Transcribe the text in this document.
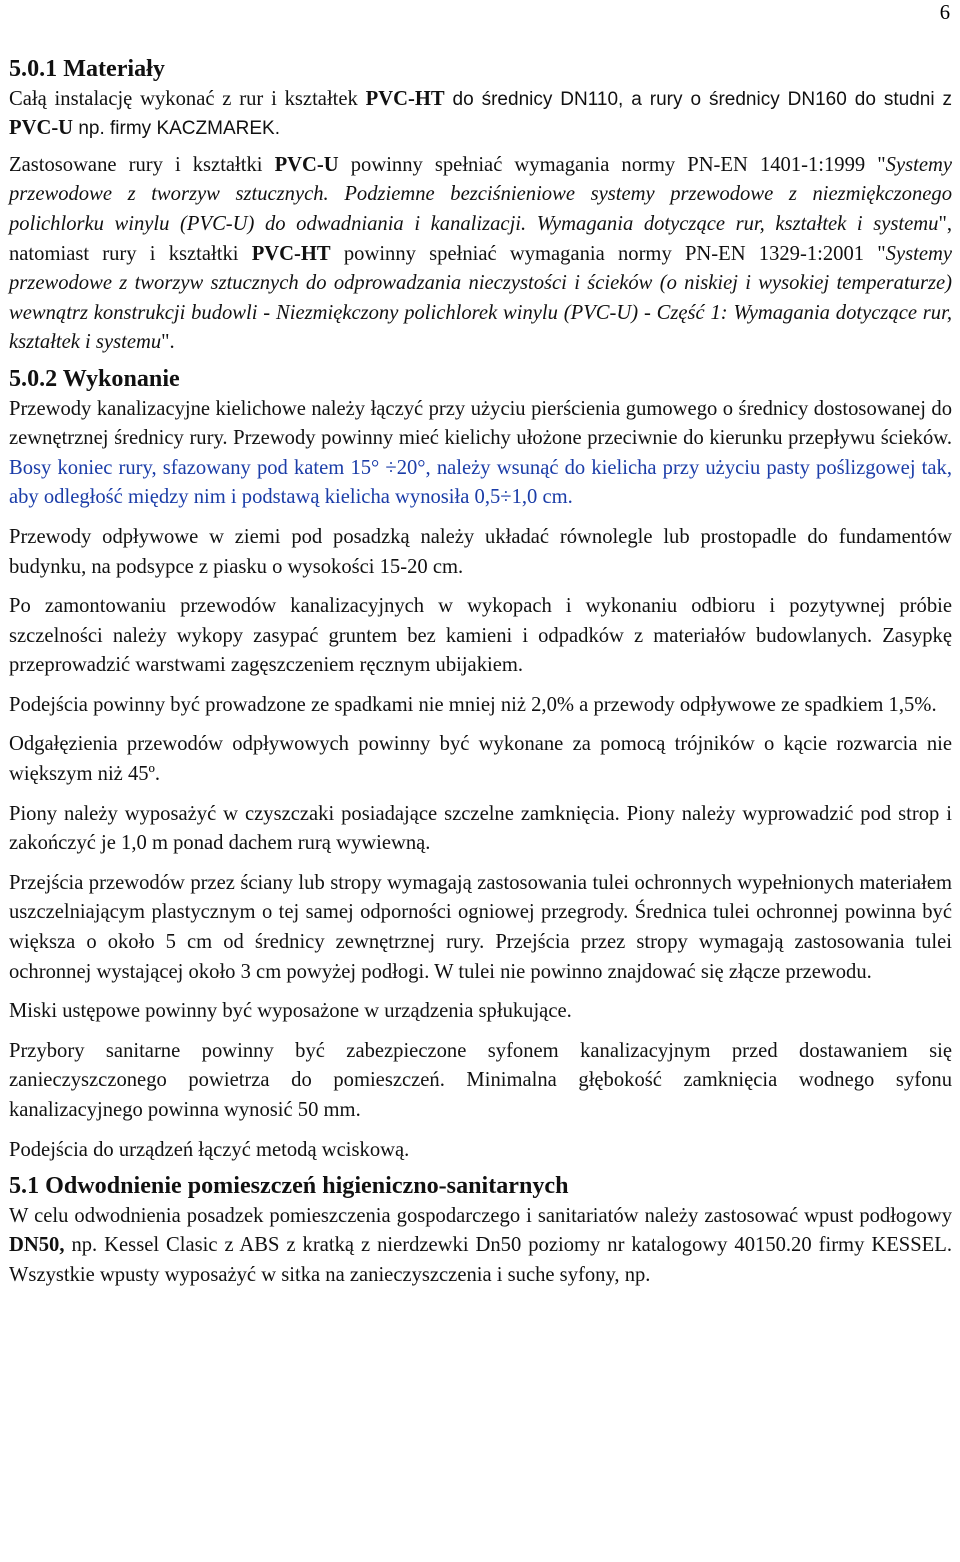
6
5.0.1 Materiały

Całą instalację wykonać z rur i kształtek PVC-HT do średnicy DN110, a rury o średnicy DN160 do studni z PVC-U np. firmy KACZMAREK.

Zastosowane rury i kształtki PVC-U powinny spełniać wymagania normy PN-EN 1401-1:1999 "Systemy przewodowe z tworzyw sztucznych. Podziemne bezciśnieniowe systemy przewodowe z niezmiękczonego polichlorku winylu (PVC-U) do odwadniania i kanalizacji. Wymagania dotyczące rur, kształtek i systemu", natomiast rury i kształtki PVC-HT powinny spełniać wymagania normy PN-EN 1329-1:2001 "Systemy przewodowe z tworzyw sztucznych do odprowadzania nieczystości i ścieków (o niskiej i wysokiej temperaturze) wewnątrz konstrukcji budowli - Niezmiękczony polichlorek winylu (PVC-U) - Część 1: Wymagania dotyczące rur, kształtek i systemu".

5.0.2 Wykonanie

Przewody kanalizacyjne kielichowe należy łączyć przy użyciu pierścienia gumowego o średnicy dostosowanej do zewnętrznej średnicy rury. Przewody powinny mieć kielichy ułożone przeciwnie do kierunku przepływu ścieków. Bosy koniec rury, sfazowany pod katem 15° ÷20°, należy wsunąć do kielicha przy użyciu pasty poślizgowej tak, aby odległość między nim i podstawą kielicha wynosiła 0,5÷1,0 cm.

Przewody odpływowe w ziemi pod posadzką należy układać równolegle lub prostopadle do fundamentów budynku, na podsypce z piasku o wysokości 15-20 cm.

Po zamontowaniu przewodów kanalizacyjnych w wykopach i wykonaniu odbioru i pozytywnej próbie szczelności należy wykopy zasypać gruntem bez kamieni i odpadków z materiałów budowlanych. Zasypkę przeprowadzić warstwami zagęszczeniem ręcznym ubijakiem.

Podejścia powinny być prowadzone ze spadkami nie mniej niż 2,0% a przewody odpływowe ze spadkiem 1,5%.

Odgałęzienia przewodów odpływowych powinny być wykonane za pomocą trójników o kącie rozwarcia nie większym niż 45º.

Piony należy wyposażyć w czyszczaki posiadające szczelne zamknięcia. Piony należy wyprowadzić pod strop i zakończyć je 1,0 m ponad dachem rurą wywiewną.

Przejścia przewodów przez ściany lub stropy wymagają zastosowania tulei ochronnych wypełnionych materiałem uszczelniającym plastycznym o tej samej odporności ogniowej przegrody. Średnica tulei ochronnej powinna być większa o około 5 cm od średnicy zewnętrznej rury. Przejścia przez stropy wymagają zastosowania tulei ochronnej wystającej około 3 cm powyżej podłogi. W tulei nie powinno znajdować się złącze przewodu.

Miski ustępowe powinny być wyposażone w urządzenia spłukujące.

Przybory sanitarne powinny być zabezpieczone syfonem kanalizacyjnym przed dostawaniem się zanieczyszczonego powietrza do pomieszczeń. Minimalna głębokość zamknięcia wodnego syfonu kanalizacyjnego powinna wynosić 50 mm.

Podejścia do urządzeń łączyć metodą wciskową.

5.1 Odwodnienie pomieszczeń higieniczno-sanitarnych

W celu odwodnienia posadzek pomieszczenia gospodarczego i sanitariatów należy zastosować wpust podłogowy DN50, np. Kessel Clasic z ABS z kratką z nierdzewki Dn50 poziomy nr katalogowy 40150.20 firmy KESSEL. Wszystkie wpusty wyposażyć w sitka na zanieczyszczenia i suche syfony, np.
